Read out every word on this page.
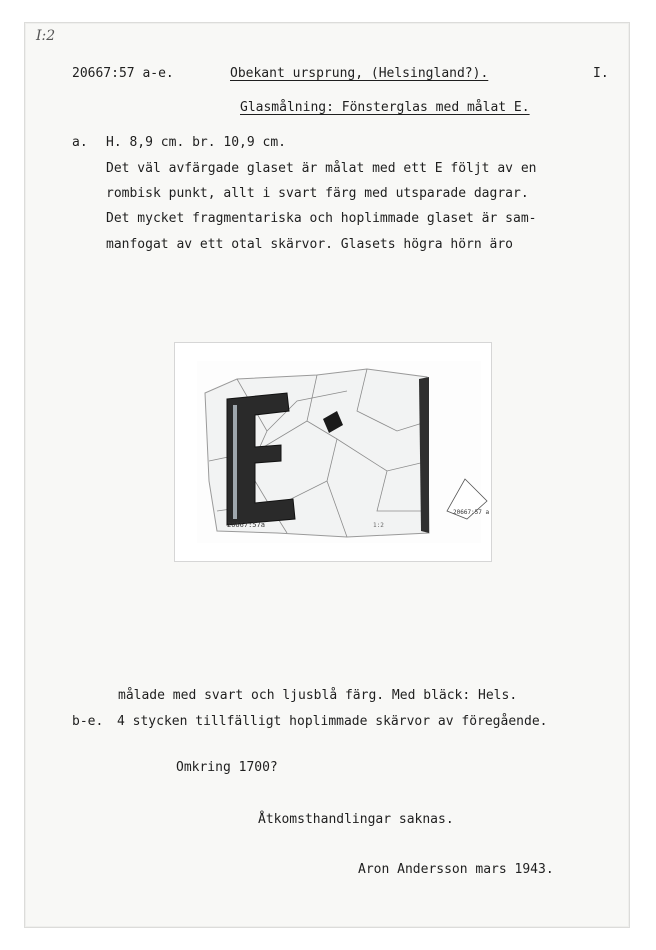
I:2
20667:57 a-e.	Obekant ursprung, (Helsingland?).	I.
Glasmålning: Fönsterglas med målat E.
a. H. 8,9 cm. br. 10,9 cm.
Det väl avfärgade glaset är målat med ett E följt av en
rombisk punkt, allt i svart färg med utsparade dagrar.
Det mycket fragmentariska och hoplimmade glaset är sam-
manfogat av ett otal skärvor. Glasets högra hörn äro
20667:57 a
20667:57a	1:2
målade med svart och ljusblå färg. Med bläck: Hels.
b-e. 4 stycken tillfälligt hoplimmade skärvor av föregående.
Omkring 1700?
Åtkomsthandlingar saknas.
Aron Andersson mars 1943.
